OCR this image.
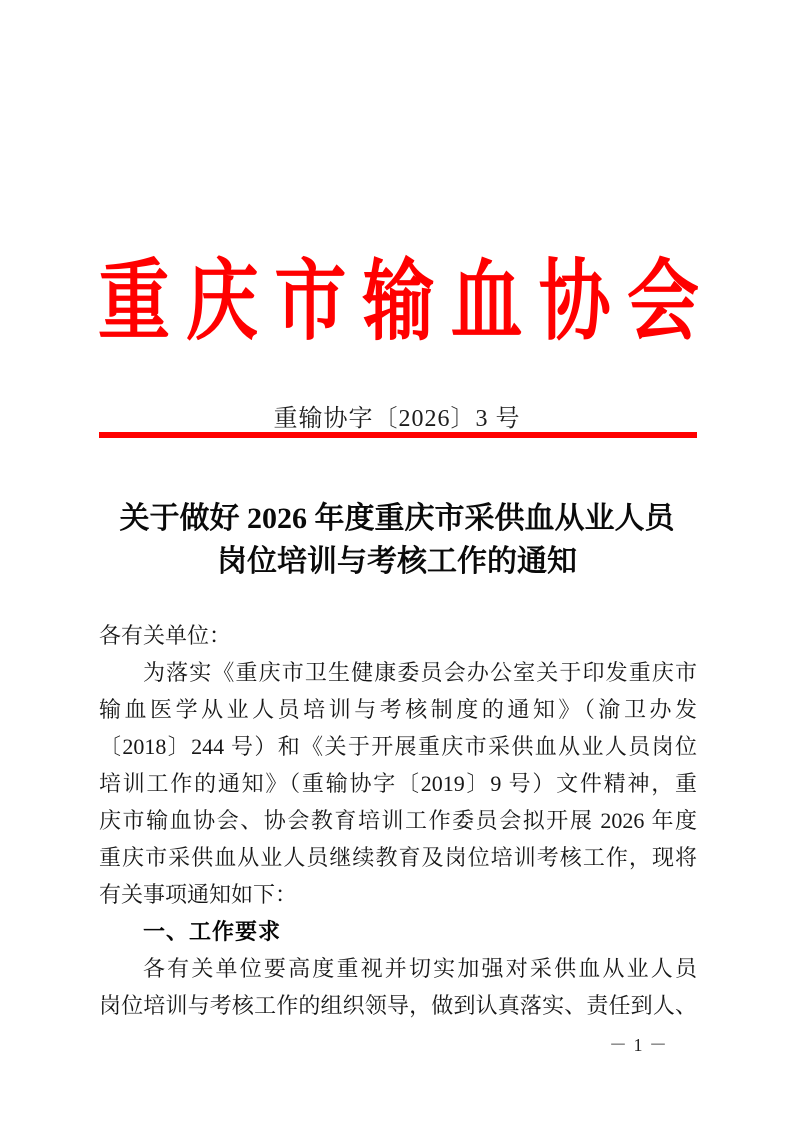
重 庆 市 输 血 协 会
重输协字〔2026〕3 号
关于做好 2026 年度重庆市采供血从业人员
岗位培训与考核工作的通知
各有关单位：
为落实《重庆市卫生健康委员会办公室关于印发重庆市
输血医学从业人员培训与考核制度的通知》（渝卫办发
〔2018〕244 号）和《关于开展重庆市采供血从业人员岗位
培训工作的通知》（重输协字〔2019〕9 号）文件精神，重
庆市输血协会、协会教育培训工作委员会拟开展 2026 年度
重庆市采供血从业人员继续教育及岗位培训考核工作，现将
有关事项通知如下：
一、工作要求
各有关单位要高度重视并切实加强对采供血从业人员
岗位培训与考核工作的组织领导，做到认真落实、责任到人、
－ 1 －
